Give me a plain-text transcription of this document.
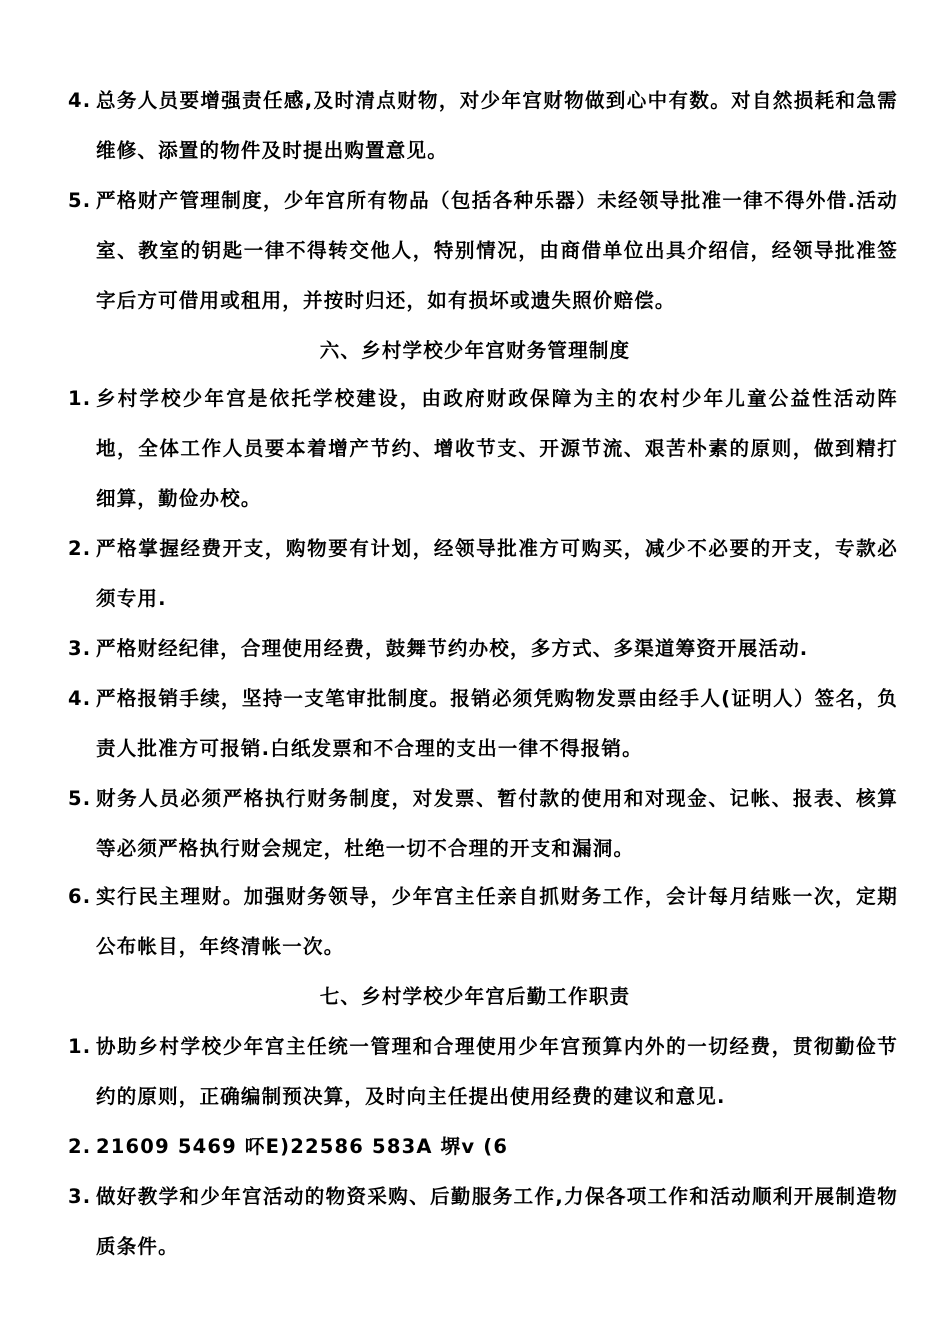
4. 总务人员要增强责任感,及时清点财物，对少年宫财物做到心中有数。对自然损耗和急需维修、添置的物件及时提出购置意见。

5. 严格财产管理制度，少年宫所有物品（包括各种乐器）未经领导批准一律不得外借.活动室、教室的钥匙一律不得转交他人，特别情况，由商借单位出具介绍信，经领导批准签字后方可借用或租用，并按时归还，如有损坏或遗失照价赔偿。

六、乡村学校少年宫财务管理制度

1. 乡村学校少年宫是依托学校建设，由政府财政保障为主的农村少年儿童公益性活动阵地，全体工作人员要本着增产节约、增收节支、开源节流、艰苦朴素的原则，做到精打细算，勤俭办校。

2. 严格掌握经费开支，购物要有计划，经领导批准方可购买，减少不必要的开支，专款必须专用.

3. 严格财经纪律，合理使用经费，鼓舞节约办校，多方式、多渠道筹资开展活动.

4. 严格报销手续，坚持一支笔审批制度。报销必须凭购物发票由经手人(证明人）签名，负责人批准方可报销.白纸发票和不合理的支出一律不得报销。

5. 财务人员必须严格执行财务制度，对发票、暂付款的使用和对现金、记帐、报表、核算等必须严格执行财会规定，杜绝一切不合理的开支和漏洞。

6. 实行民主理财。加强财务领导，少年宫主任亲自抓财务工作，会计每月结账一次，定期公布帐目，年终清帐一次。

七、乡村学校少年宫后勤工作职责

1. 协助乡村学校少年宫主任统一管理和合理使用少年宫预算内外的一切经费，贯彻勤俭节约的原则，正确编制预决算，及时向主任提出使用经费的建议和意见.

2. 21609 5469 吥E)22586 583A 堺v (6

3. 做好教学和少年宫活动的物资采购、后勤服务工作,力保各项工作和活动顺利开展制造物质条件。
